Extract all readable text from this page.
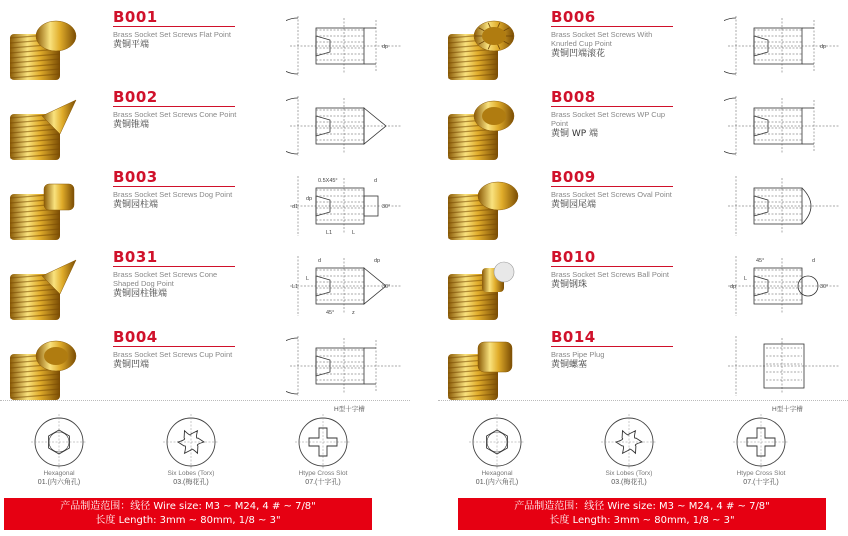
B001
Brass Socket Set Screws Flat Point
黄铜平端	dp
B002
Brass Socket Set Screws Cone Point
黄铜锥端
B003
Brass Socket Set Screws Dog Point
黄铜园柱端	30°
0.5X45°	d
d1
dp
L1	L
B031
Brass Socket Set Screws Cone Shaped Dog Point
黄铜园柱锥端
30°
d	dp
L1
L
45°	z
B004
Brass Socket Set Screws Cup Point
黄铜凹端
Hexagonal
01.(内六角孔)
Six Lobes (Torx)
03.(梅花孔)
Htype Cross Slot
07.(十字孔)
H型十字槽
产品制造范围：线径 Wire size: M3 ~ M24, 4 # ~ 7/8"
长度 Length: 3mm ~ 80mm, 1/8 ~ 3"
B006
Brass Socket Set Screws With Knurled Cup Point
黄铜凹端滚花
dp
B008
Brass Socket Set Screws WP Cup Point
黄铜 WP 端
B009
Brass Socket Set Screws Oval Point
黄铜园尾端
B010
Brass Socket Set Screws Ball Point
黄铜钢珠	30°
45°	d
dp
L
B014
Brass Pipe Plug
黄铜螺塞
Hexagonal
01.(内六角孔)
Six Lobes (Torx)
03.(梅花孔)
Htype Cross Slot
07.(十字孔)
H型十字槽
产品制造范围：线径 Wire size: M3 ~ M24, 4 # ~ 7/8"
长度 Length: 3mm ~ 80mm, 1/8 ~ 3"
